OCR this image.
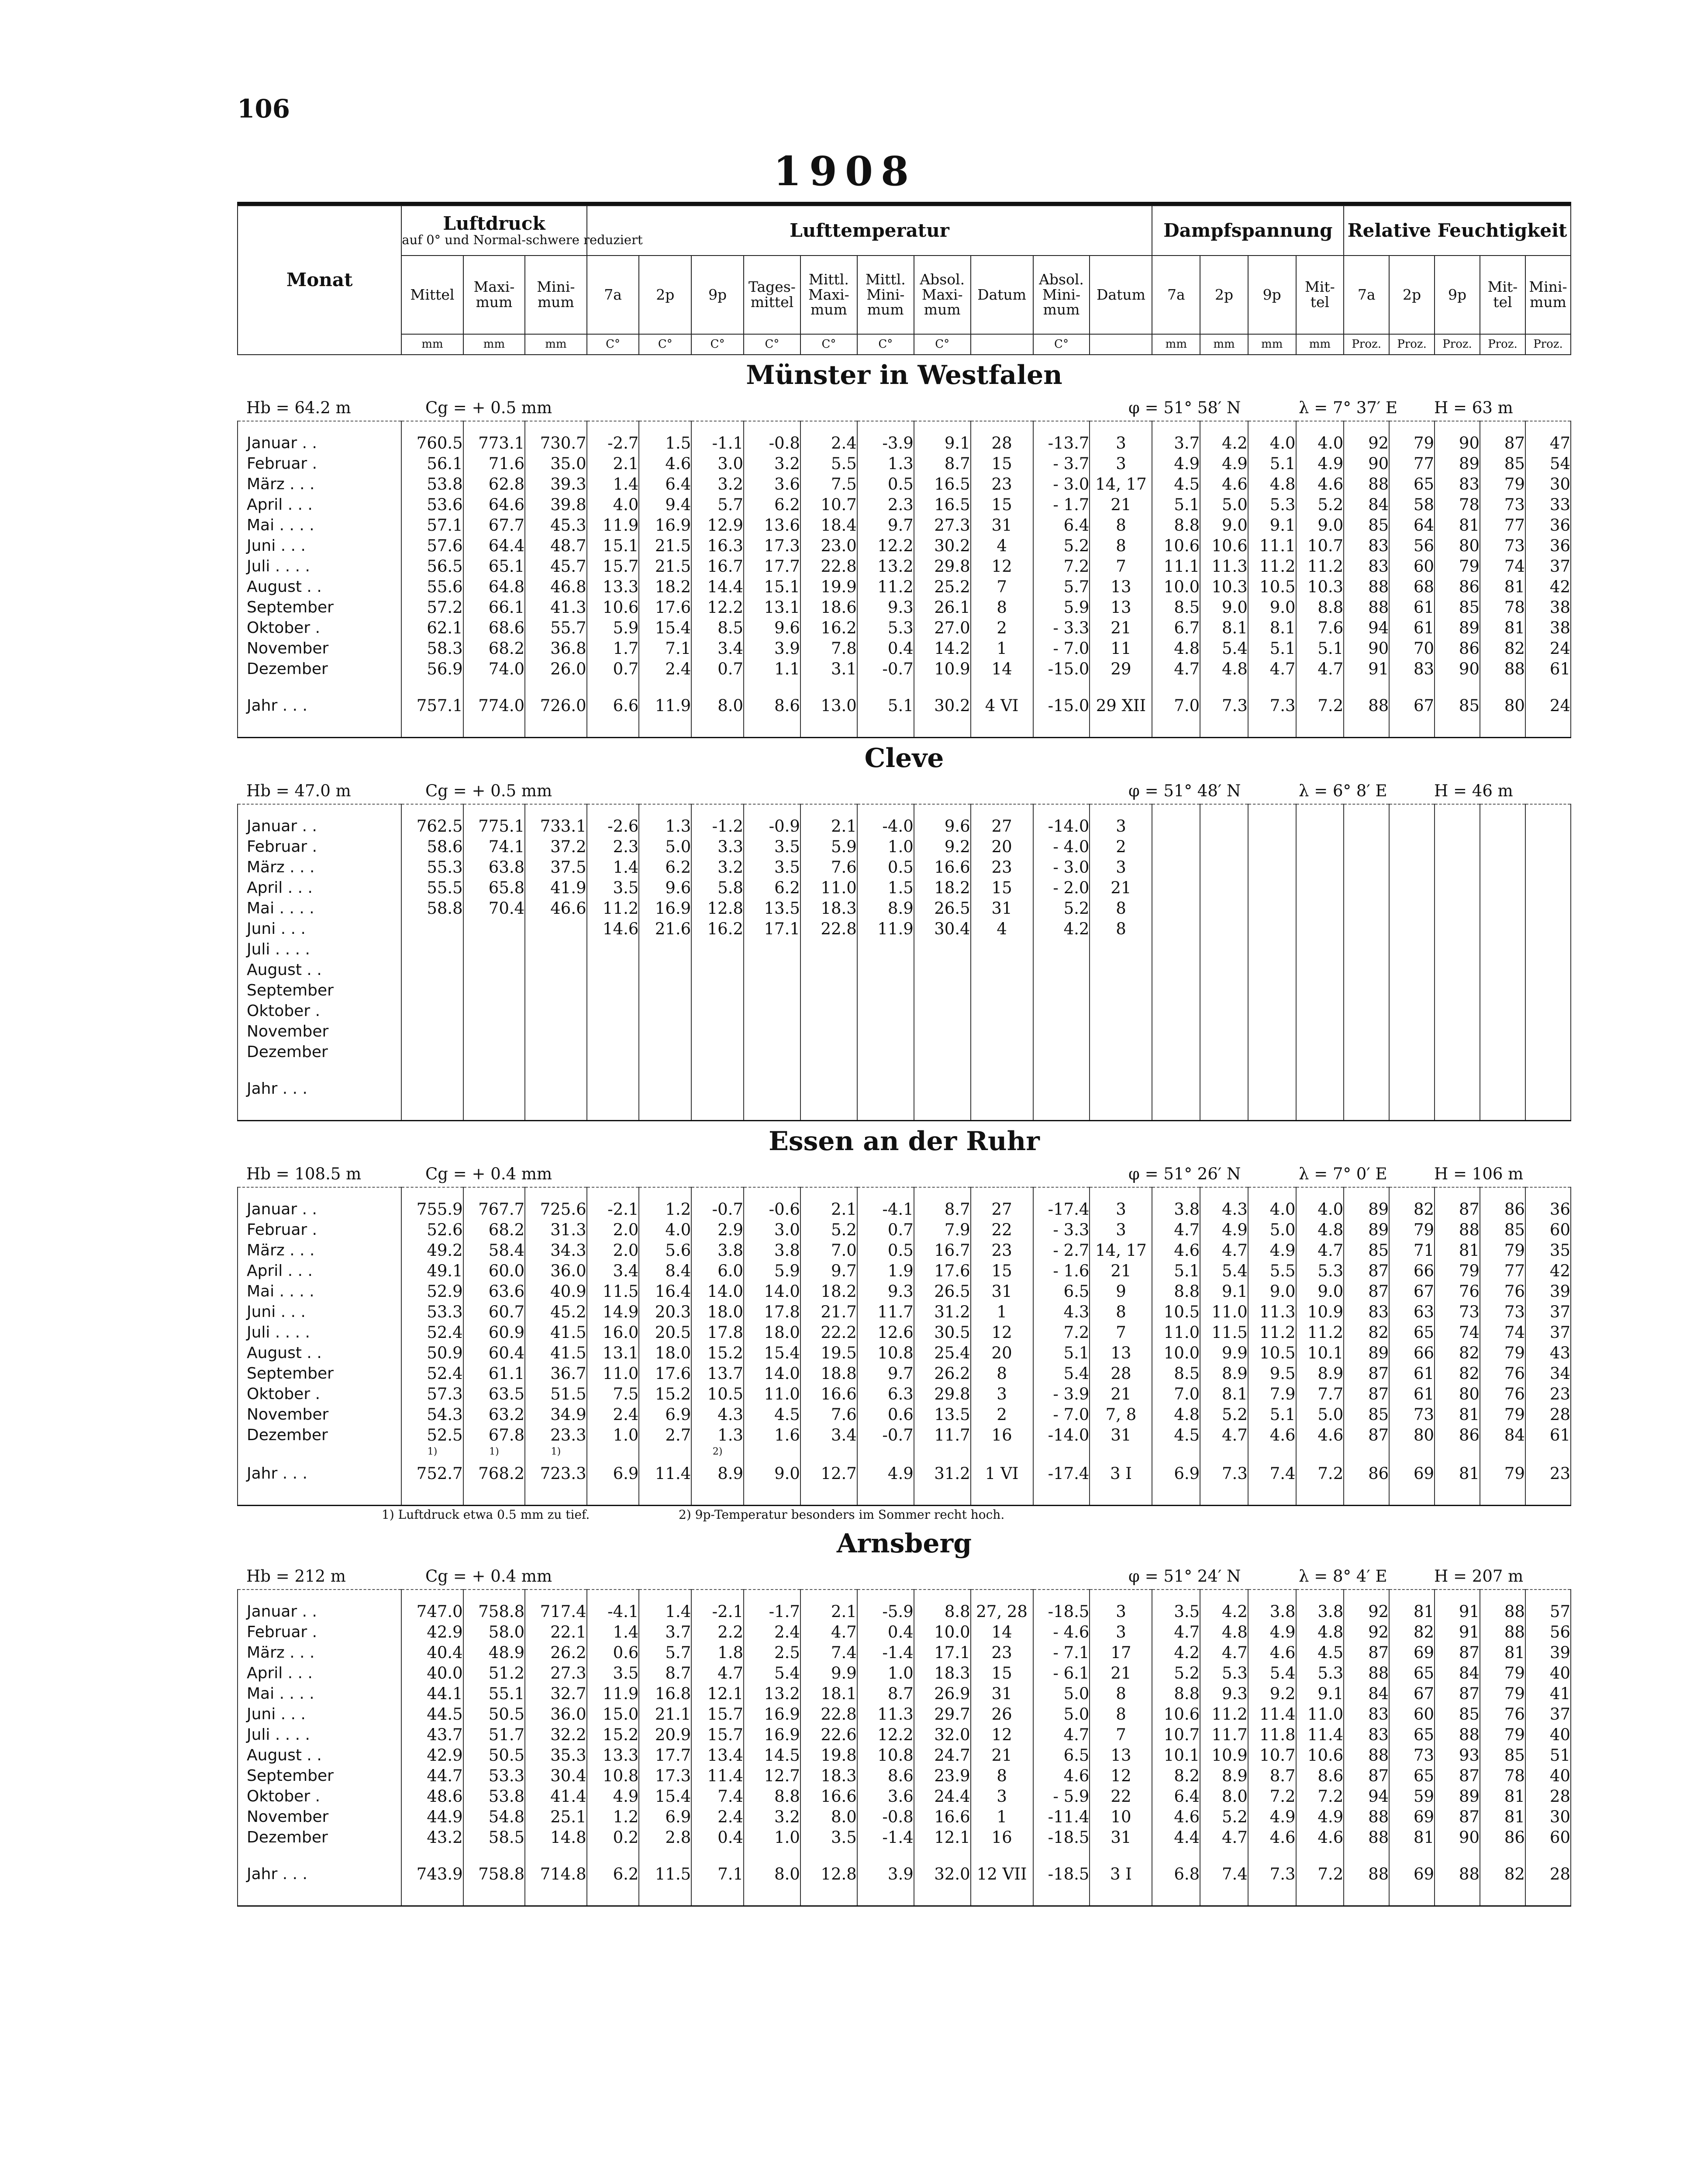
106
1908
Monat	Luftdruck
auf 0° und Normal-schwere reduziert			Lufttemperatur										Dampfspannung				Relative Feuchtigkeit				
	Mittel	Maxi-mum	Mini-mum	7a	2p	9p	Tages-mittel	Mittl. Maxi-mum	Mittl. Mini-mum	Absol. Maxi-mum	Datum	Absol. Mini-mum	Datum	7a	2p	9p	Mit-tel	7a	2p	9p	Mit-tel	Mini-mum
	mm	mm	mm	C°	C°	C°	C°	C°	C°	C°		C°		mm	mm	mm	mm	Proz.	Proz.	Proz.	Proz.	Proz.
Münster in Westfalen																						

Hb = 64.2 m Cg = + 0.5 mm φ = 51° 58′ N λ = 7° 37′ E H = 63 m																						

Januar . .	760.5	773.1	730.7	-2.7	1.5	-1.1	-0.8	2.4	-3.9	9.1	28	-13.7	3	3.7	4.2	4.0	4.0	92	79	90	87	47
Februar .	56.1	71.6	35.0	2.1	4.6	3.0	3.2	5.5	1.3	8.7	15	- 3.7	3	4.9	4.9	5.1	4.9	90	77	89	85	54
März . . .	53.8	62.8	39.3	1.4	6.4	3.2	3.6	7.5	0.5	16.5	23	- 3.0	14, 17	4.5	4.6	4.8	4.6	88	65	83	79	30
April . . .	53.6	64.6	39.8	4.0	9.4	5.7	6.2	10.7	2.3	16.5	15	- 1.7	21	5.1	5.0	5.3	5.2	84	58	78	73	33
Mai . . . .	57.1	67.7	45.3	11.9	16.9	12.9	13.6	18.4	9.7	27.3	31	6.4	8	8.8	9.0	9.1	9.0	85	64	81	77	36
Juni . . .	57.6	64.4	48.7	15.1	21.5	16.3	17.3	23.0	12.2	30.2	4	5.2	8	10.6	10.6	11.1	10.7	83	56	80	73	36
Juli . . . .	56.5	65.1	45.7	15.7	21.5	16.7	17.7	22.8	13.2	29.8	12	7.2	7	11.1	11.3	11.2	11.2	83	60	79	74	37
August . .	55.6	64.8	46.8	13.3	18.2	14.4	15.1	19.9	11.2	25.2	7	5.7	13	10.0	10.3	10.5	10.3	88	68	86	81	42
September	57.2	66.1	41.3	10.6	17.6	12.2	13.1	18.6	9.3	26.1	8	5.9	13	8.5	9.0	9.0	8.8	88	61	85	78	38
Oktober .	62.1	68.6	55.7	5.9	15.4	8.5	9.6	16.2	5.3	27.0	2	- 3.3	21	6.7	8.1	8.1	7.6	94	61	89	81	38
November	58.3	68.2	36.8	1.7	7.1	3.4	3.9	7.8	0.4	14.2	1	- 7.0	11	4.8	5.4	5.1	5.1	90	70	86	82	24
Dezember	56.9	74.0	26.0	0.7	2.4	0.7	1.1	3.1	-0.7	10.9	14	-15.0	29	4.7	4.8	4.7	4.7	91	83	90	88	61

Jahr . . .	757.1	774.0	726.0	6.6	11.9	8.0	8.6	13.0	5.1	30.2	4 VI	-15.0	29 XII	7.0	7.3	7.3	7.2	88	67	85	80	24

Cleve																						

Hb = 47.0 m Cg = + 0.5 mm φ = 51° 48′ N λ = 6° 8′ E H = 46 m																						

Januar . .	762.5	775.1	733.1	-2.6	1.3	-1.2	-0.9	2.1	-4.0	9.6	27	-14.0	3									
Februar .	58.6	74.1	37.2	2.3	5.0	3.3	3.5	5.9	1.0	9.2	20	- 4.0	2									
März . . .	55.3	63.8	37.5	1.4	6.2	3.2	3.5	7.6	0.5	16.6	23	- 3.0	3									
April . . .	55.5	65.8	41.9	3.5	9.6	5.8	6.2	11.0	1.5	18.2	15	- 2.0	21									
Mai . . . .	58.8	70.4	46.6	11.2	16.9	12.8	13.5	18.3	8.9	26.5	31	5.2	8									
Juni . . .				14.6	21.6	16.2	17.1	22.8	11.9	30.4	4	4.2	8									
Juli . . . .																						
August . .																						
September																						
Oktober .																						
November																						
Dezember																						

Jahr . . .																						

Essen an der Ruhr																						

Hb = 108.5 m Cg = + 0.4 mm φ = 51° 26′ N λ = 7° 0′ E H = 106 m																						

Januar . .	755.9	767.7	725.6	-2.1	1.2	-0.7	-0.6	2.1	-4.1	8.7	27	-17.4	3	3.8	4.3	4.0	4.0	89	82	87	86	36
Februar .	52.6	68.2	31.3	2.0	4.0	2.9	3.0	5.2	0.7	7.9	22	- 3.3	3	4.7	4.9	5.0	4.8	89	79	88	85	60
März . . .	49.2	58.4	34.3	2.0	5.6	3.8	3.8	7.0	0.5	16.7	23	- 2.7	14, 17	4.6	4.7	4.9	4.7	85	71	81	79	35
April . . .	49.1	60.0	36.0	3.4	8.4	6.0	5.9	9.7	1.9	17.6	15	- 1.6	21	5.1	5.4	5.5	5.3	87	66	79	77	42
Mai . . . .	52.9	63.6	40.9	11.5	16.4	14.0	14.0	18.2	9.3	26.5	31	6.5	9	8.8	9.1	9.0	9.0	87	67	76	76	39
Juni . . .	53.3	60.7	45.2	14.9	20.3	18.0	17.8	21.7	11.7	31.2	1	4.3	8	10.5	11.0	11.3	10.9	83	63	73	73	37
Juli . . . .	52.4	60.9	41.5	16.0	20.5	17.8	18.0	22.2	12.6	30.5	12	7.2	7	11.0	11.5	11.2	11.2	82	65	74	74	37
August . .	50.9	60.4	41.5	13.1	18.0	15.2	15.4	19.5	10.8	25.4	20	5.1	13	10.0	9.9	10.5	10.1	89	66	82	79	43
September	52.4	61.1	36.7	11.0	17.6	13.7	14.0	18.8	9.7	26.2	8	5.4	28	8.5	8.9	9.5	8.9	87	61	82	76	34
Oktober .	57.3	63.5	51.5	7.5	15.2	10.5	11.0	16.6	6.3	29.8	3	- 3.9	21	7.0	8.1	7.9	7.7	87	61	80	76	23
November	54.3	63.2	34.9	2.4	6.9	4.3	4.5	7.6	0.6	13.5	2	- 7.0	7, 8	4.8	5.2	5.1	5.0	85	73	81	79	28
Dezember	52.5	67.8	23.3	1.0	2.7	1.3	1.6	3.4	-0.7	11.7	16	-14.0	31	4.5	4.7	4.6	4.6	87	80	86	84	61
	1)	1)	1)			2)																
Jahr . . .	752.7	768.2	723.3	6.9	11.4	8.9	9.0	12.7	4.9	31.2	1 VI	-17.4	3 I	6.9	7.3	7.4	7.2	86	69	81	79	23

1) Luftdruck etwa 0.5 mm zu tief. 2) 9p-Temperatur besonders im Sommer recht hoch.																						

Arnsberg																						

Hb = 212 m Cg = + 0.4 mm φ = 51° 24′ N λ = 8° 4′ E H = 207 m																						

Januar . .	747.0	758.8	717.4	-4.1	1.4	-2.1	-1.7	2.1	-5.9	8.8	27, 28	-18.5	3	3.5	4.2	3.8	3.8	92	81	91	88	57
Februar .	42.9	58.0	22.1	1.4	3.7	2.2	2.4	4.7	0.4	10.0	14	- 4.6	3	4.7	4.8	4.9	4.8	92	82	91	88	56
März . . .	40.4	48.9	26.2	0.6	5.7	1.8	2.5	7.4	-1.4	17.1	23	- 7.1	17	4.2	4.7	4.6	4.5	87	69	87	81	39
April . . .	40.0	51.2	27.3	3.5	8.7	4.7	5.4	9.9	1.0	18.3	15	- 6.1	21	5.2	5.3	5.4	5.3	88	65	84	79	40
Mai . . . .	44.1	55.1	32.7	11.9	16.8	12.1	13.2	18.1	8.7	26.9	31	5.0	8	8.8	9.3	9.2	9.1	84	67	87	79	41
Juni . . .	44.5	50.5	36.0	15.0	21.1	15.7	16.9	22.8	11.3	29.7	26	5.0	8	10.6	11.2	11.4	11.0	83	60	85	76	37
Juli . . . .	43.7	51.7	32.2	15.2	20.9	15.7	16.9	22.6	12.2	32.0	12	4.7	7	10.7	11.7	11.8	11.4	83	65	88	79	40
August . .	42.9	50.5	35.3	13.3	17.7	13.4	14.5	19.8	10.8	24.7	21	6.5	13	10.1	10.9	10.7	10.6	88	73	93	85	51
September	44.7	53.3	30.4	10.8	17.3	11.4	12.7	18.3	8.6	23.9	8	4.6	12	8.2	8.9	8.7	8.6	87	65	87	78	40
Oktober .	48.6	53.8	41.4	4.9	15.4	7.4	8.8	16.6	3.6	24.4	3	- 5.9	22	6.4	8.0	7.2	7.2	94	59	89	81	28
November	44.9	54.8	25.1	1.2	6.9	2.4	3.2	8.0	-0.8	16.6	1	-11.4	10	4.6	5.2	4.9	4.9	88	69	87	81	30
Dezember	43.2	58.5	14.8	0.2	2.8	0.4	1.0	3.5	-1.4	12.1	16	-18.5	31	4.4	4.7	4.6	4.6	88	81	90	86	60

Jahr . . .	743.9	758.8	714.8	6.2	11.5	7.1	8.0	12.8	3.9	32.0	12 VII	-18.5	3 I	6.8	7.4	7.3	7.2	88	69	88	82	28
